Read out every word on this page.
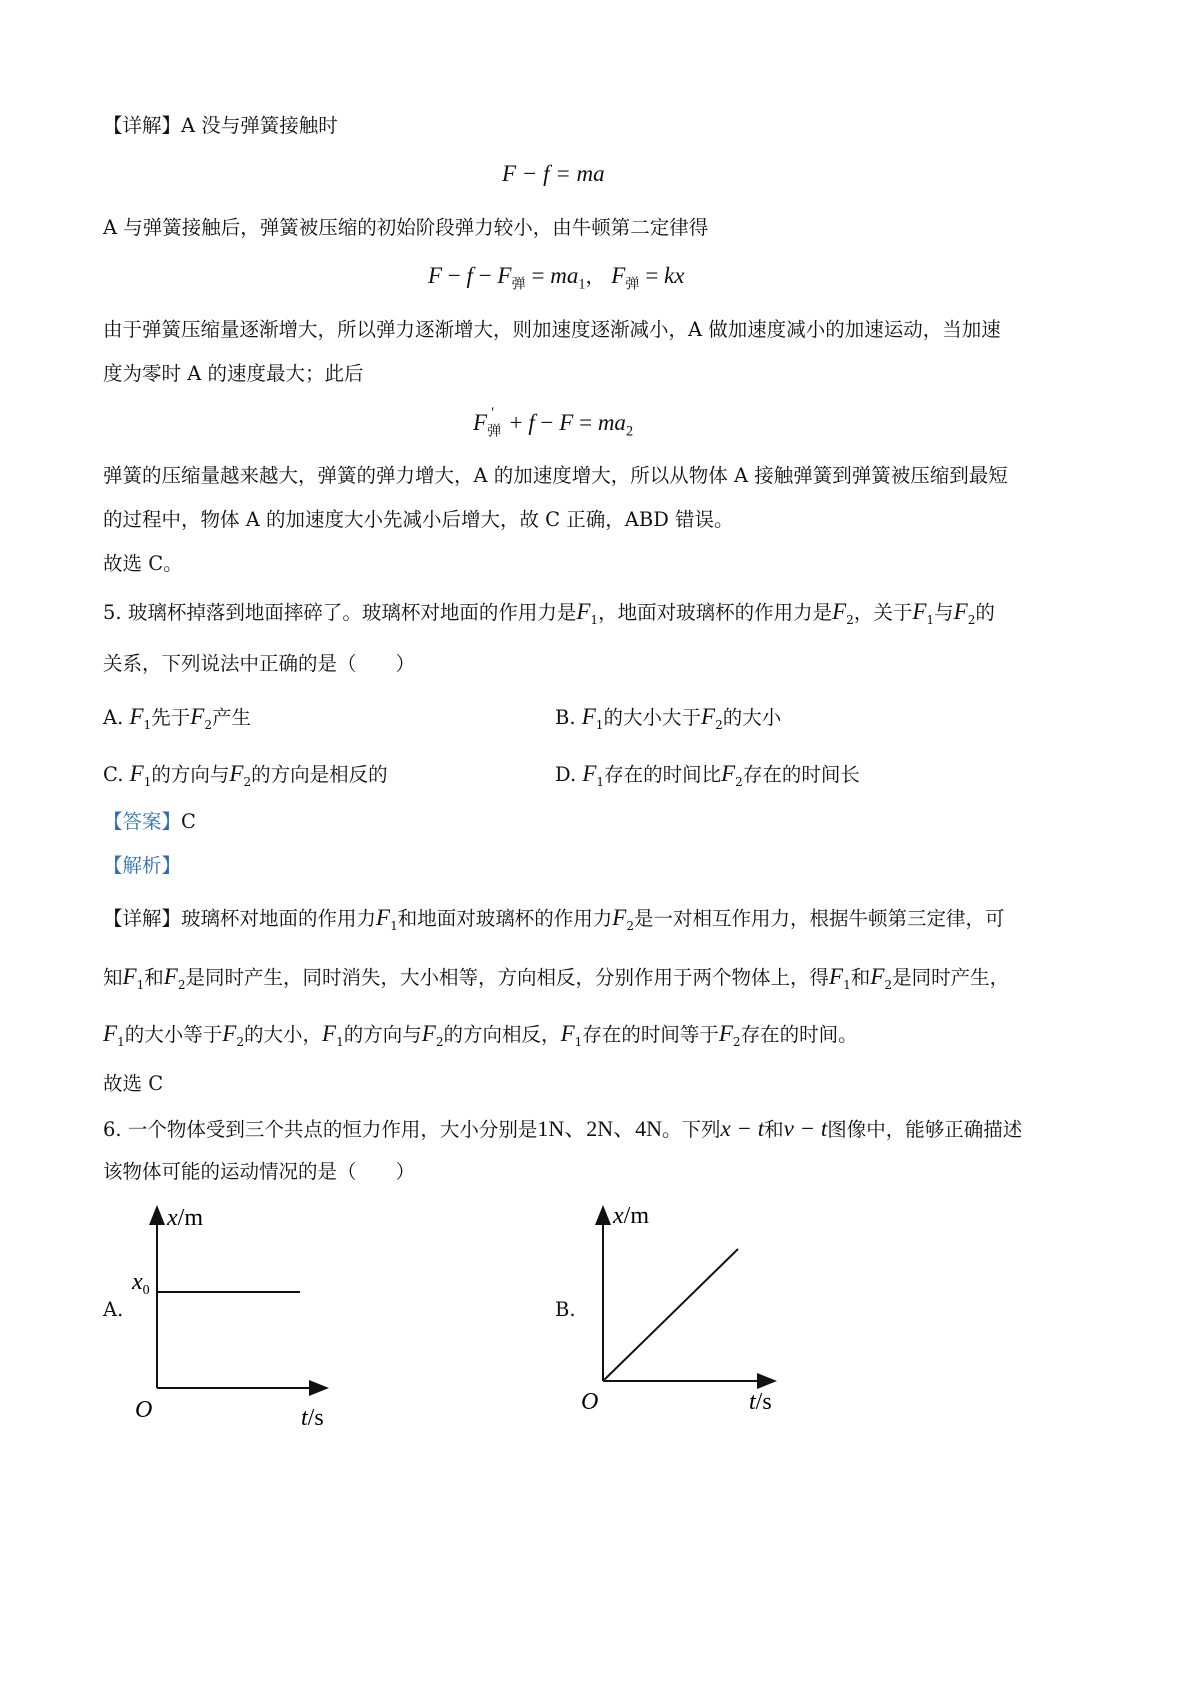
【详解】A 没与弹簧接触时
F − f = ma
A 与弹簧接触后，弹簧被压缩的初始阶段弹力较小，由牛顿第二定律得
$F - f - F_弹 = ma_1$， $F_弹$ = kx
由于弹簧压缩量逐渐增大，所以弹力逐渐增大，则加速度逐渐减小，A 做加速度减小的加速运动，当加速
度为零时 A 的速度最大；此后
$F_弹' + f - F = ma_2$
弹簧的压缩量越来越大，弹簧的弹力增大，A 的加速度增大，所以从物体 A 接触弹簧到弹簧被压缩到最短
的过程中，物体 A 的加速度大小先减小后增大，故 C 正确，ABD 错误。
故选 C。
5. 玻璃杯掉落到地面摔碎了。玻璃杯对地面的作用力是$F_1$，地面对玻璃杯的作用力是$F_2$，关于$F_1$与$F_2$的
关系，下列说法中正确的是（　　）
A. $F_1$先于$F_2$产生	B. $F_1$的大小大于$F_2$的大小
C. $F_1$的方向与$F_2$的方向是相反的	D. $F_1$存在的时间比$F_2$存在的时间长
【答案】C
【解析】
【详解】玻璃杯对地面的作用力$F_1$和地面对玻璃杯的作用力$F_2$是一对相互作用力，根据牛顿第三定律，可
知$F_1$和$F_2$是同时产生，同时消失，大小相等，方向相反，分别作用于两个物体上，得$F_1$和$F_2$是同时产生，
$F_1$的大小等于$F_2$的大小，$F_1$的方向与$F_2$的方向相反，$F_1$存在的时间等于$F_2$存在的时间。
故选 C
6. 一个物体受到三个共点的恒力作用，大小分别是1N、2N、4N。下列x − t和v − t图像中，能够正确描述
该物体可能的运动情况的是（　　）
A.
x/m
$x_0$
O	t/s
B.
x/m
O	t/s
